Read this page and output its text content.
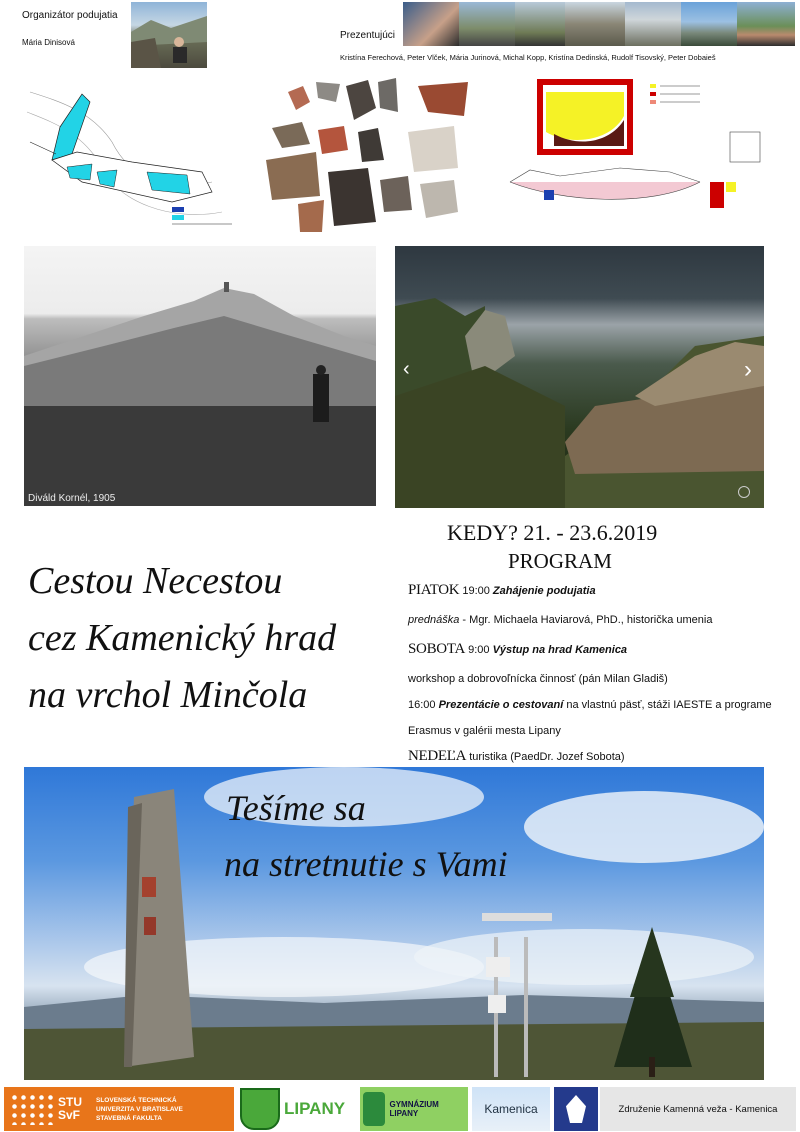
Organizátor podujatia
Mária Dinisová
Prezentujúci
Kristína Ferechová, Peter Vlček, Mária Jurinová, Michal Kopp, Kristína Dedinská, Rudolf Tisovský, Peter Dobaieš
Diváld Kornél, 1905
‹	›
Cestou Necestou
cez Kamenický hrad
na vrchol Minčola
KEDY? 21. - 23.6.2019
PROGRAM
PIATOK 19:00 Zahájenie podujatia
prednáška - Mgr. Michaela Haviarová, PhD., historička umenia
SOBOTA 9:00 Výstup na hrad Kamenica
workshop a dobrovoľnícka činnosť (pán Milan Gladiš)
16:00 Prezentácie o cestovaní na vlastnú päsť, stáži IAESTE a programe
Erasmus v galérii mesta Lipany
NEDEĽA turistika (PaedDr. Jozef Sobota)
Tešíme sa
na stretnutie s Vami
STU
SvF
SLOVENSKÁ TECHNICKÁ
UNIVERZITA V BRATISLAVE
STAVEBNÁ FAKULTA	LIPANY	GYMNÁZIUM LIPANY	Kamenica	Združenie Kamenná veža - Kamenica
